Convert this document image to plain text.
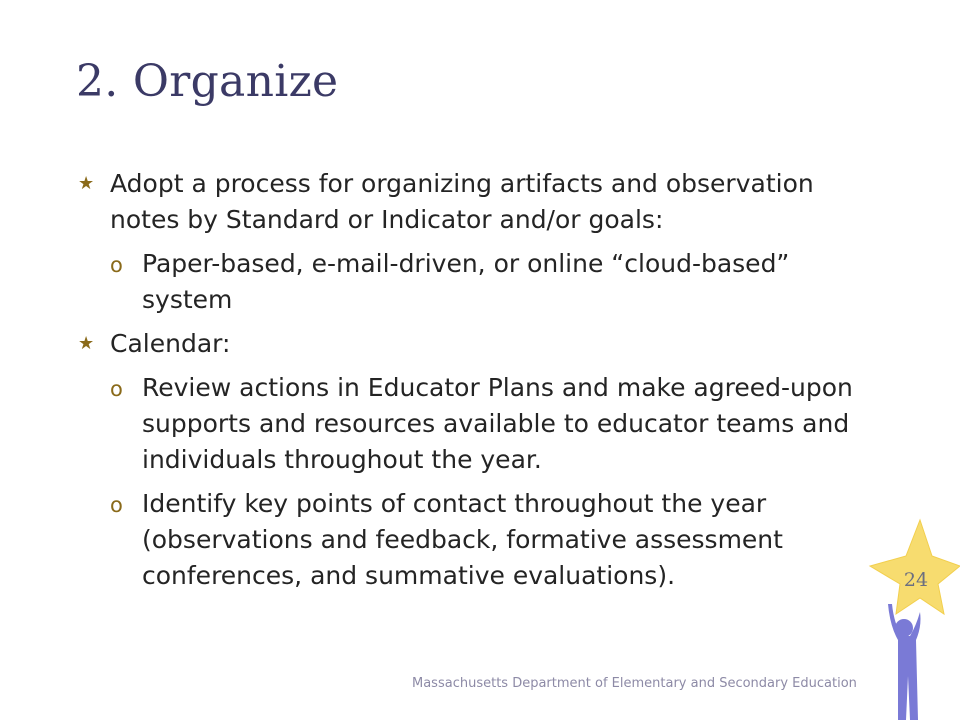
2. Organize
★ Adopt a process for organizing artifacts and observation notes by Standard or Indicator and/or goals:
o Paper-based, e-mail-driven, or online “cloud-based” system
★ Calendar:
o Review actions in Educator Plans and make agreed-upon supports and resources available to educator teams and individuals throughout the year.
o Identify key points of contact throughout the year (observations and feedback, formative assessment conferences, and summative evaluations).	24
Massachusetts Department of Elementary and Secondary Education
